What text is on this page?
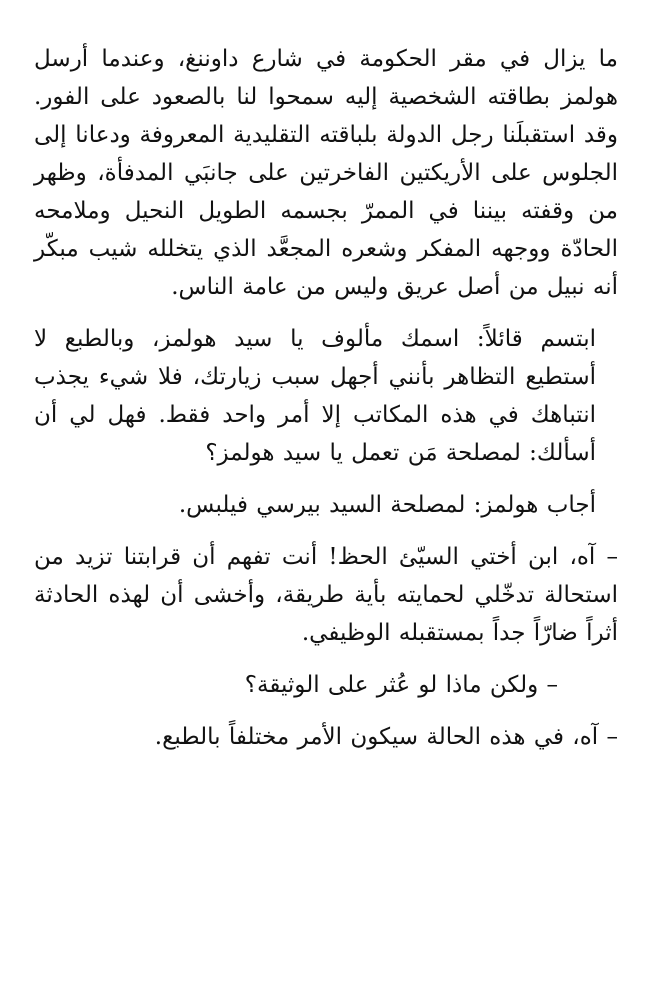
ما يزال في مقر الحكومة في شارع داوننغ، وعندما أرسل هولمز بطاقته الشخصية إليه سمحوا لنا بالصعود على الفور. وقد استقبلَنا رجل الدولة بلباقته التقليدية المعروفة ودعانا إلى الجلوس على الأريكتين الفاخرتين على جانبَي المدفأة، وظهر من وقفته بيننا في الممرّ بجسمه الطويل النحيل وملامحه الحادّة ووجهه المفكر وشعره المجعَّد الذي يتخلله شيب مبكّر أنه نبيل من أصل عريق وليس من عامة الناس.

ابتسم قائلاً: اسمك مألوف يا سيد هولمز، وبالطبع لا أستطيع التظاهر بأنني أجهل سبب زيارتك، فلا شيء يجذب انتباهك في هذه المكاتب إلا أمر واحد فقط. فهل لي أن أسألك: لمصلحة مَن تعمل يا سيد هولمز؟

أجاب هولمز: لمصلحة السيد بيرسي فيلبس.

– آه، ابن أختي السيّئ الحظ! أنت تفهم أن قرابتنا تزيد من استحالة تدخّلي لحمايته بأية طريقة، وأخشى أن لهذه الحادثة أثراً ضارّاً جداً بمستقبله الوظيفي.

– ولكن ماذا لو عُثر على الوثيقة؟

– آه، في هذه الحالة سيكون الأمر مختلفاً بالطبع.
